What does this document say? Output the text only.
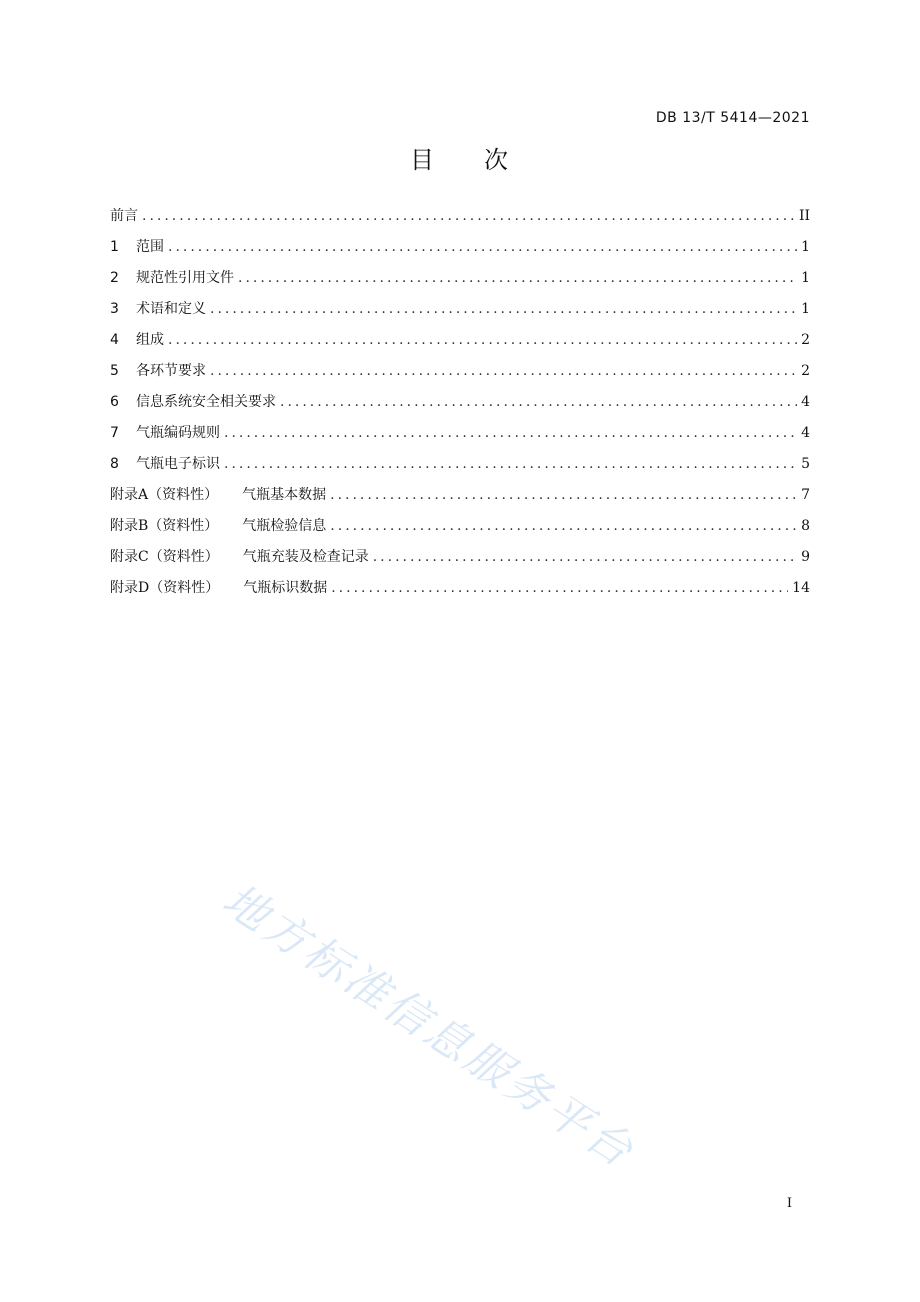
DB 13/T 5414—2021
目 次
前言 .....	II
1	范围 .....	1
2	规范性引用文件 .....	1
3	术语和定义 .....	1
4	组成 .....	2
5	各环节要求 .....	2
6	信息系统安全相关要求 .....	4
7	气瓶编码规则 .....	4
8	气瓶电子标识 .....	5
附录A（资料性） 气瓶基本数据 .....	7
附录B（资料性） 气瓶检验信息 .....	8
附录C（资料性） 气瓶充装及检查记录 .....	9
附录D（资料性） 气瓶标识数据 .....	14
地方标准信息服务平台
I
